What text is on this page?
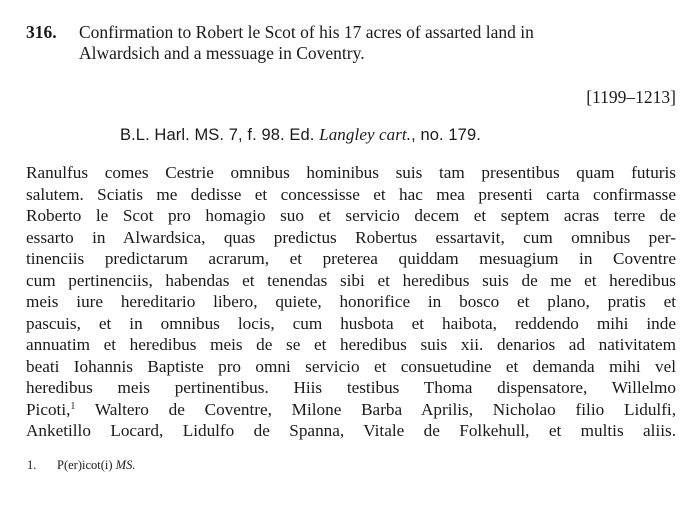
316. Confirmation to Robert le Scot of his 17 acres of assarted land in
Alwardsich and a messuage in Coventry.
[1199–1213]
B.L. Harl. MS. 7, f. 98. Ed. Langley cart., no. 179.
Ranulfus comes Cestrie omnibus hominibus suis tam presentibus quam futuris
salutem. Sciatis me dedisse et concessisse et hac mea presenti carta confirmasse
Roberto le Scot pro homagio suo et servicio decem et septem acras terre de
essarto in Alwardsica, quas predictus Robertus essartavit, cum omnibus per-
tinenciis predictarum acrarum, et preterea quiddam mesuagium in Coventre
cum pertinenciis, habendas et tenendas sibi et heredibus suis de me et heredibus
meis iure hereditario libero, quiete, honorifice in bosco et plano, pratis et
pascuis, et in omnibus locis, cum husbota et haibota, reddendo mihi inde
annuatim et heredibus meis de se et heredibus suis xii. denarios ad nativitatem
beati Iohannis Baptiste pro omni servicio et consuetudine et demanda mihi vel
heredibus meis pertinentibus. Hiis testibus Thoma dispensatore, Willelmo
Picoti,$^1$ Waltero de Coventre, Milone Barba Aprilis, Nicholao filio Lidulfi,
Anketillo Locard, Lidulfo de Spanna, Vitale de Folkehull, et multis aliis.
1. P(er)icot(i) MS.
